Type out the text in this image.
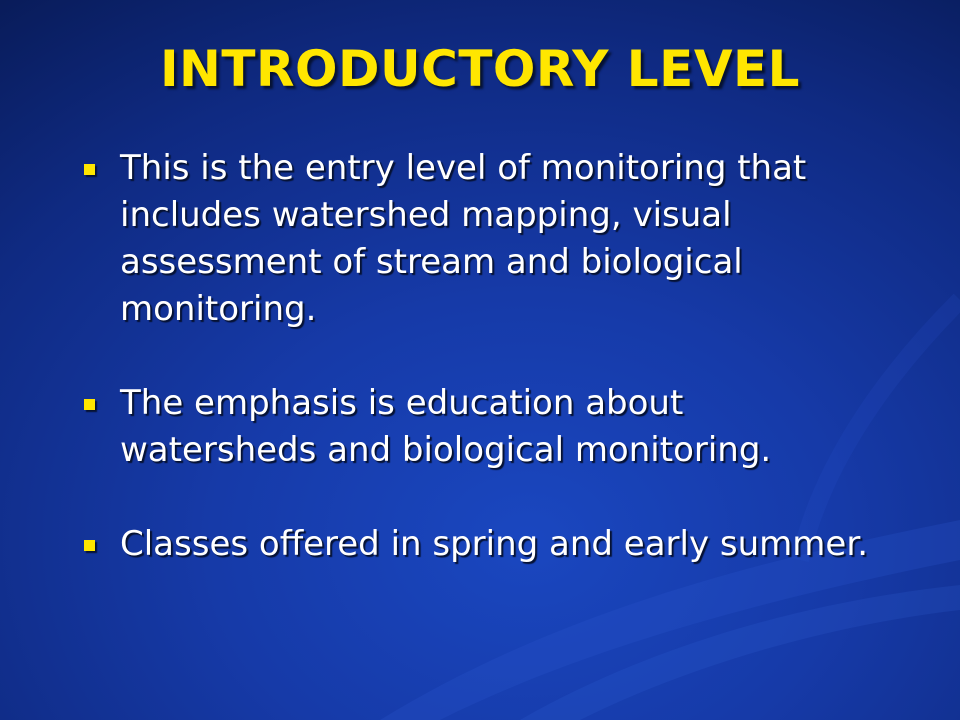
INTRODUCTORY LEVEL
This is the entry level of monitoring that includes watershed mapping, visual assessment of stream and biological monitoring.
The emphasis is education about watersheds and biological monitoring.
Classes offered in spring and early summer.
